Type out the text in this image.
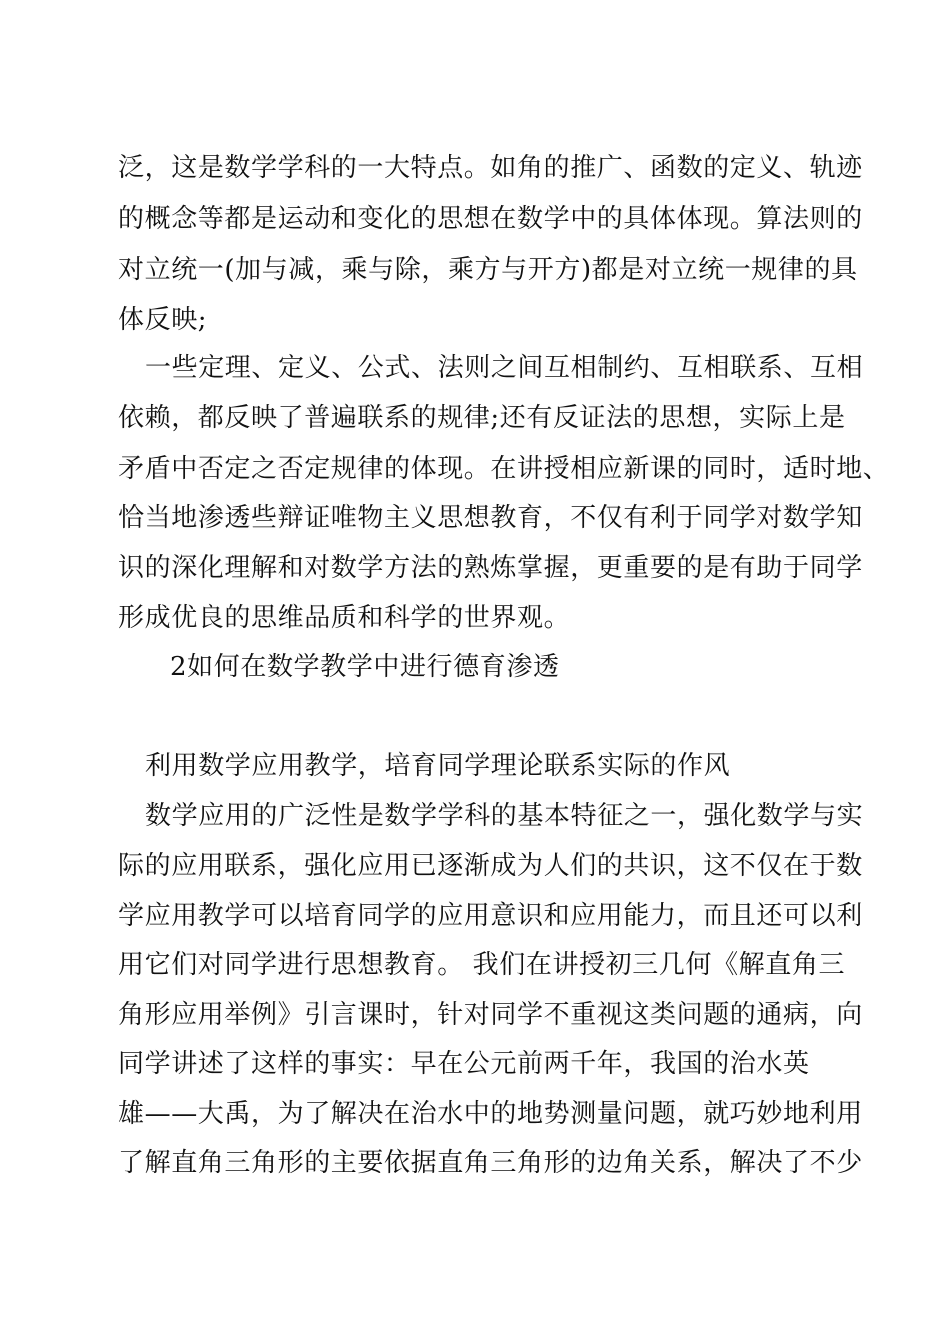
泛，这是数学学科的一大特点。如角的推广、函数的定义、轨迹
的概念等都是运动和变化的思想在数学中的具体体现。算法则的
对立统一(加与减，乘与除，乘方与开方)都是对立统一规律的具
体反映;
一些定理、定义、公式、法则之间互相制约、互相联系、互相
依赖，都反映了普遍联系的规律;还有反证法的思想，实际上是
矛盾中否定之否定规律的体现。在讲授相应新课的同时，适时地、
恰当地渗透些辩证唯物主义思想教育，不仅有利于同学对数学知
识的深化理解和对数学方法的熟炼掌握，更重要的是有助于同学
形成优良的思维品质和科学的世界观。
2如何在数学教学中进行德育渗透
利用数学应用教学，培育同学理论联系实际的作风
数学应用的广泛性是数学学科的基本特征之一，强化数学与实
际的应用联系，强化应用已逐渐成为人们的共识，这不仅在于数
学应用教学可以培育同学的应用意识和应用能力，而且还可以利
用它们对同学进行思想教育。 我们在讲授初三几何《解直角三
角形应用举例》引言课时，针对同学不重视这类问题的通病，向
同学讲述了这样的事实：早在公元前两千年，我国的治水英
雄——大禹，为了解决在治水中的地势测量问题，就巧妙地利用
了解直角三角形的主要依据直角三角形的边角关系，解决了不少
